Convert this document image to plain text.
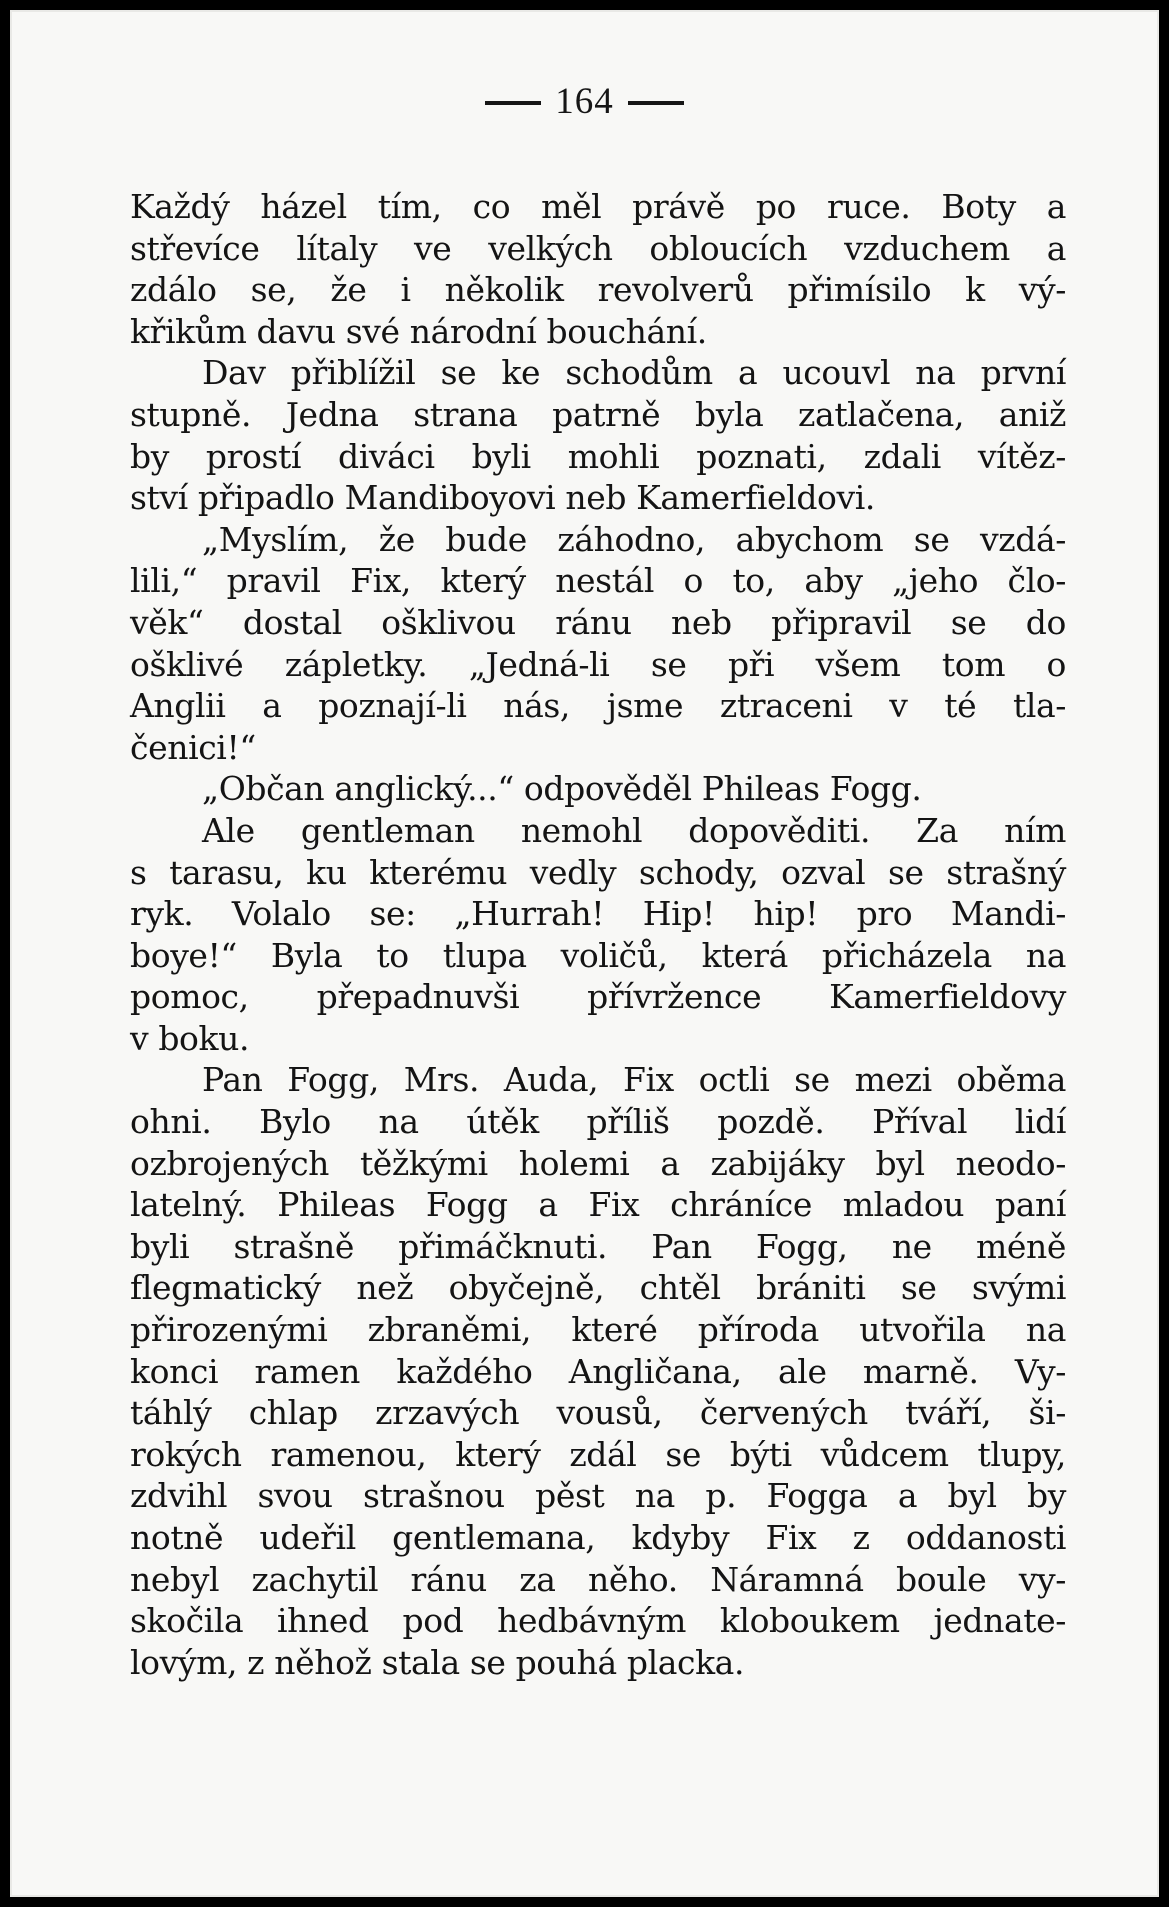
164
Každý házel tím, co měl právě po ruce. Boty a
střevíce lítaly ve velkých obloucích vzduchem a
zdálo se, že i několik revolverů přimísilo k vý-
křikům davu své národní bouchání.
Dav přiblížil se ke schodům a ucouvl na první
stupně. Jedna strana patrně byla zatlačena, aniž
by prostí diváci byli mohli poznati, zdali vítěz-
ství připadlo Mandiboyovi neb Kamerfieldovi.
„Myslím, že bude záhodno, abychom se vzdá-
lili,“ pravil Fix, který nestál o to, aby „jeho člo-
věk“ dostal ošklivou ránu neb připravil se do
ošklivé zápletky. „Jedná-li se při všem tom o
Anglii a poznají-li nás, jsme ztraceni v té tla-
čenici!“
„Občan anglický...“ odpověděl Phileas Fogg.
Ale gentleman nemohl dopověditi. Za ním
s tarasu, ku kterému vedly schody, ozval se strašný
ryk. Volalo se: „Hurrah! Hip! hip! pro Mandi-
boye!“ Byla to tlupa voličů, která přicházela na
pomoc, přepadnuvši přívržence Kamerfieldovy
v boku.
Pan Fogg, Mrs. Auda, Fix octli se mezi oběma
ohni. Bylo na útěk příliš pozdě. Příval lidí
ozbrojených těžkými holemi a zabijáky byl neodo-
latelný. Phileas Fogg a Fix chráníce mladou paní
byli strašně přimáčknuti. Pan Fogg, ne méně
flegmatický než obyčejně, chtěl brániti se svými
přirozenými zbraněmi, které příroda utvořila na
konci ramen každého Angličana, ale marně. Vy-
táhlý chlap zrzavých vousů, červených tváří, ši-
rokých ramenou, který zdál se býti vůdcem tlupy,
zdvihl svou strašnou pěst na p. Fogga a byl by
notně udeřil gentlemana, kdyby Fix z oddanosti
nebyl zachytil ránu za něho. Náramná boule vy-
skočila ihned pod hedbávným kloboukem jednate-
lovým, z něhož stala se pouhá placka.
